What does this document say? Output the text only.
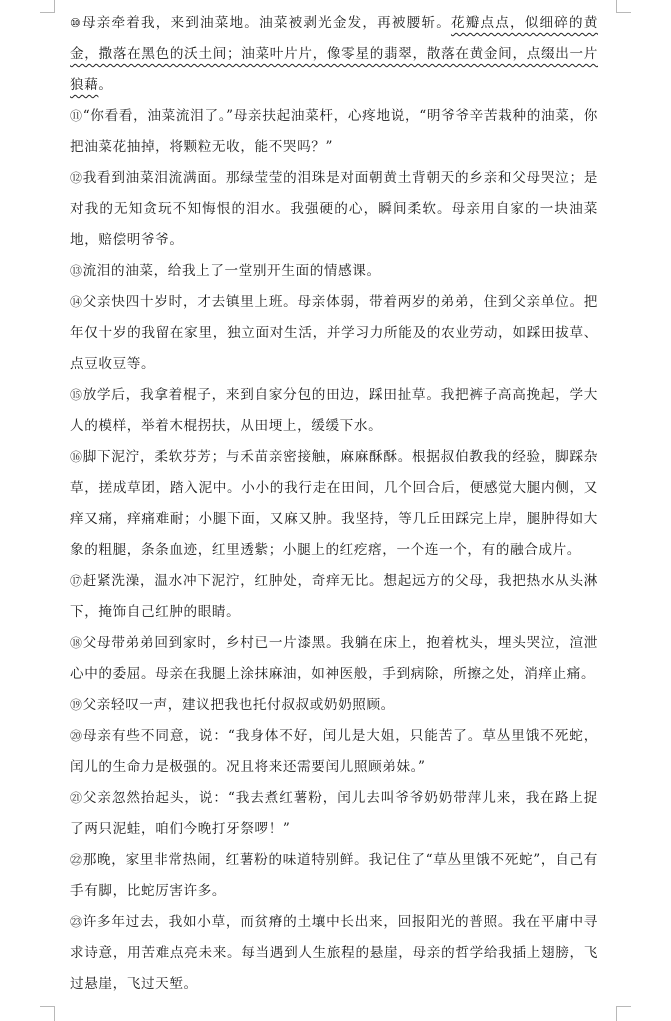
⑩母亲牵着我，来到油菜地。油菜被剥光金发，再被腰斩。花瓣点点，似细碎的黄金，撒落在黑色的沃土间；油菜叶片片，像零星的翡翠，散落在黄金间，点缀出一片狼藉。

⑪“你看看，油菜流泪了。”母亲扶起油菜杆，心疼地说，“明爷爷辛苦栽种的油菜，你把油菜花抽掉，将颗粒无收，能不哭吗？”

⑫我看到油菜泪流满面。那绿莹莹的泪珠是对面朝黄土背朝天的乡亲和父母哭泣；是对我的无知贪玩不知悔恨的泪水。我强硬的心，瞬间柔软。母亲用自家的一块油菜地，赔偿明爷爷。

⑬流泪的油菜，给我上了一堂别开生面的情感课。

⑭父亲快四十岁时，才去镇里上班。母亲体弱，带着两岁的弟弟，住到父亲单位。把年仅十岁的我留在家里，独立面对生活，并学习力所能及的农业劳动，如踩田拔草、点豆收豆等。

⑮放学后，我拿着棍子，来到自家分包的田边，踩田扯草。我把裤子高高挽起，学大人的模样，举着木棍拐扶，从田埂上，缓缓下水。

⑯脚下泥泞，柔软芬芳；与禾苗亲密接触，麻麻酥酥。根据叔伯教我的经验，脚踩杂草，搓成草团，踏入泥中。小小的我行走在田间，几个回合后，便感觉大腿内侧，又痒又痛，痒痛难耐；小腿下面，又麻又肿。我坚持，等几丘田踩完上岸，腿肿得如大象的粗腿，条条血迹，红里透紫；小腿上的红疙瘩，一个连一个，有的融合成片。

⑰赶紧洗澡，温水冲下泥泞，红肿处，奇痒无比。想起远方的父母，我把热水从头淋下，掩饰自己红肿的眼睛。

⑱父母带弟弟回到家时，乡村已一片漆黑。我躺在床上，抱着枕头，埋头哭泣，渲泄心中的委屈。母亲在我腿上涂抹麻油，如神医般，手到病除，所擦之处，消痒止痛。

⑲父亲轻叹一声，建议把我也托付叔叔或奶奶照顾。

⑳母亲有些不同意，说：“我身体不好，闰儿是大姐，只能苦了。草丛里饿不死蛇，闰儿的生命力是极强的。况且将来还需要闰儿照顾弟妹。”

㉑父亲忽然抬起头，说：“我去煮红薯粉，闰儿去叫爷爷奶奶带萍儿来，我在路上捉了两只泥蛙，咱们今晚打牙祭啰！”

㉒那晚，家里非常热闹，红薯粉的味道特别鲜。我记住了“草丛里饿不死蛇”，自己有手有脚，比蛇厉害许多。

㉓许多年过去，我如小草，而贫瘠的土壤中长出来，回报阳光的普照。我在平庸中寻求诗意，用苦难点亮未来。每当遇到人生旅程的悬崖，母亲的哲学给我插上翅膀，飞过悬崖，飞过天堑。
